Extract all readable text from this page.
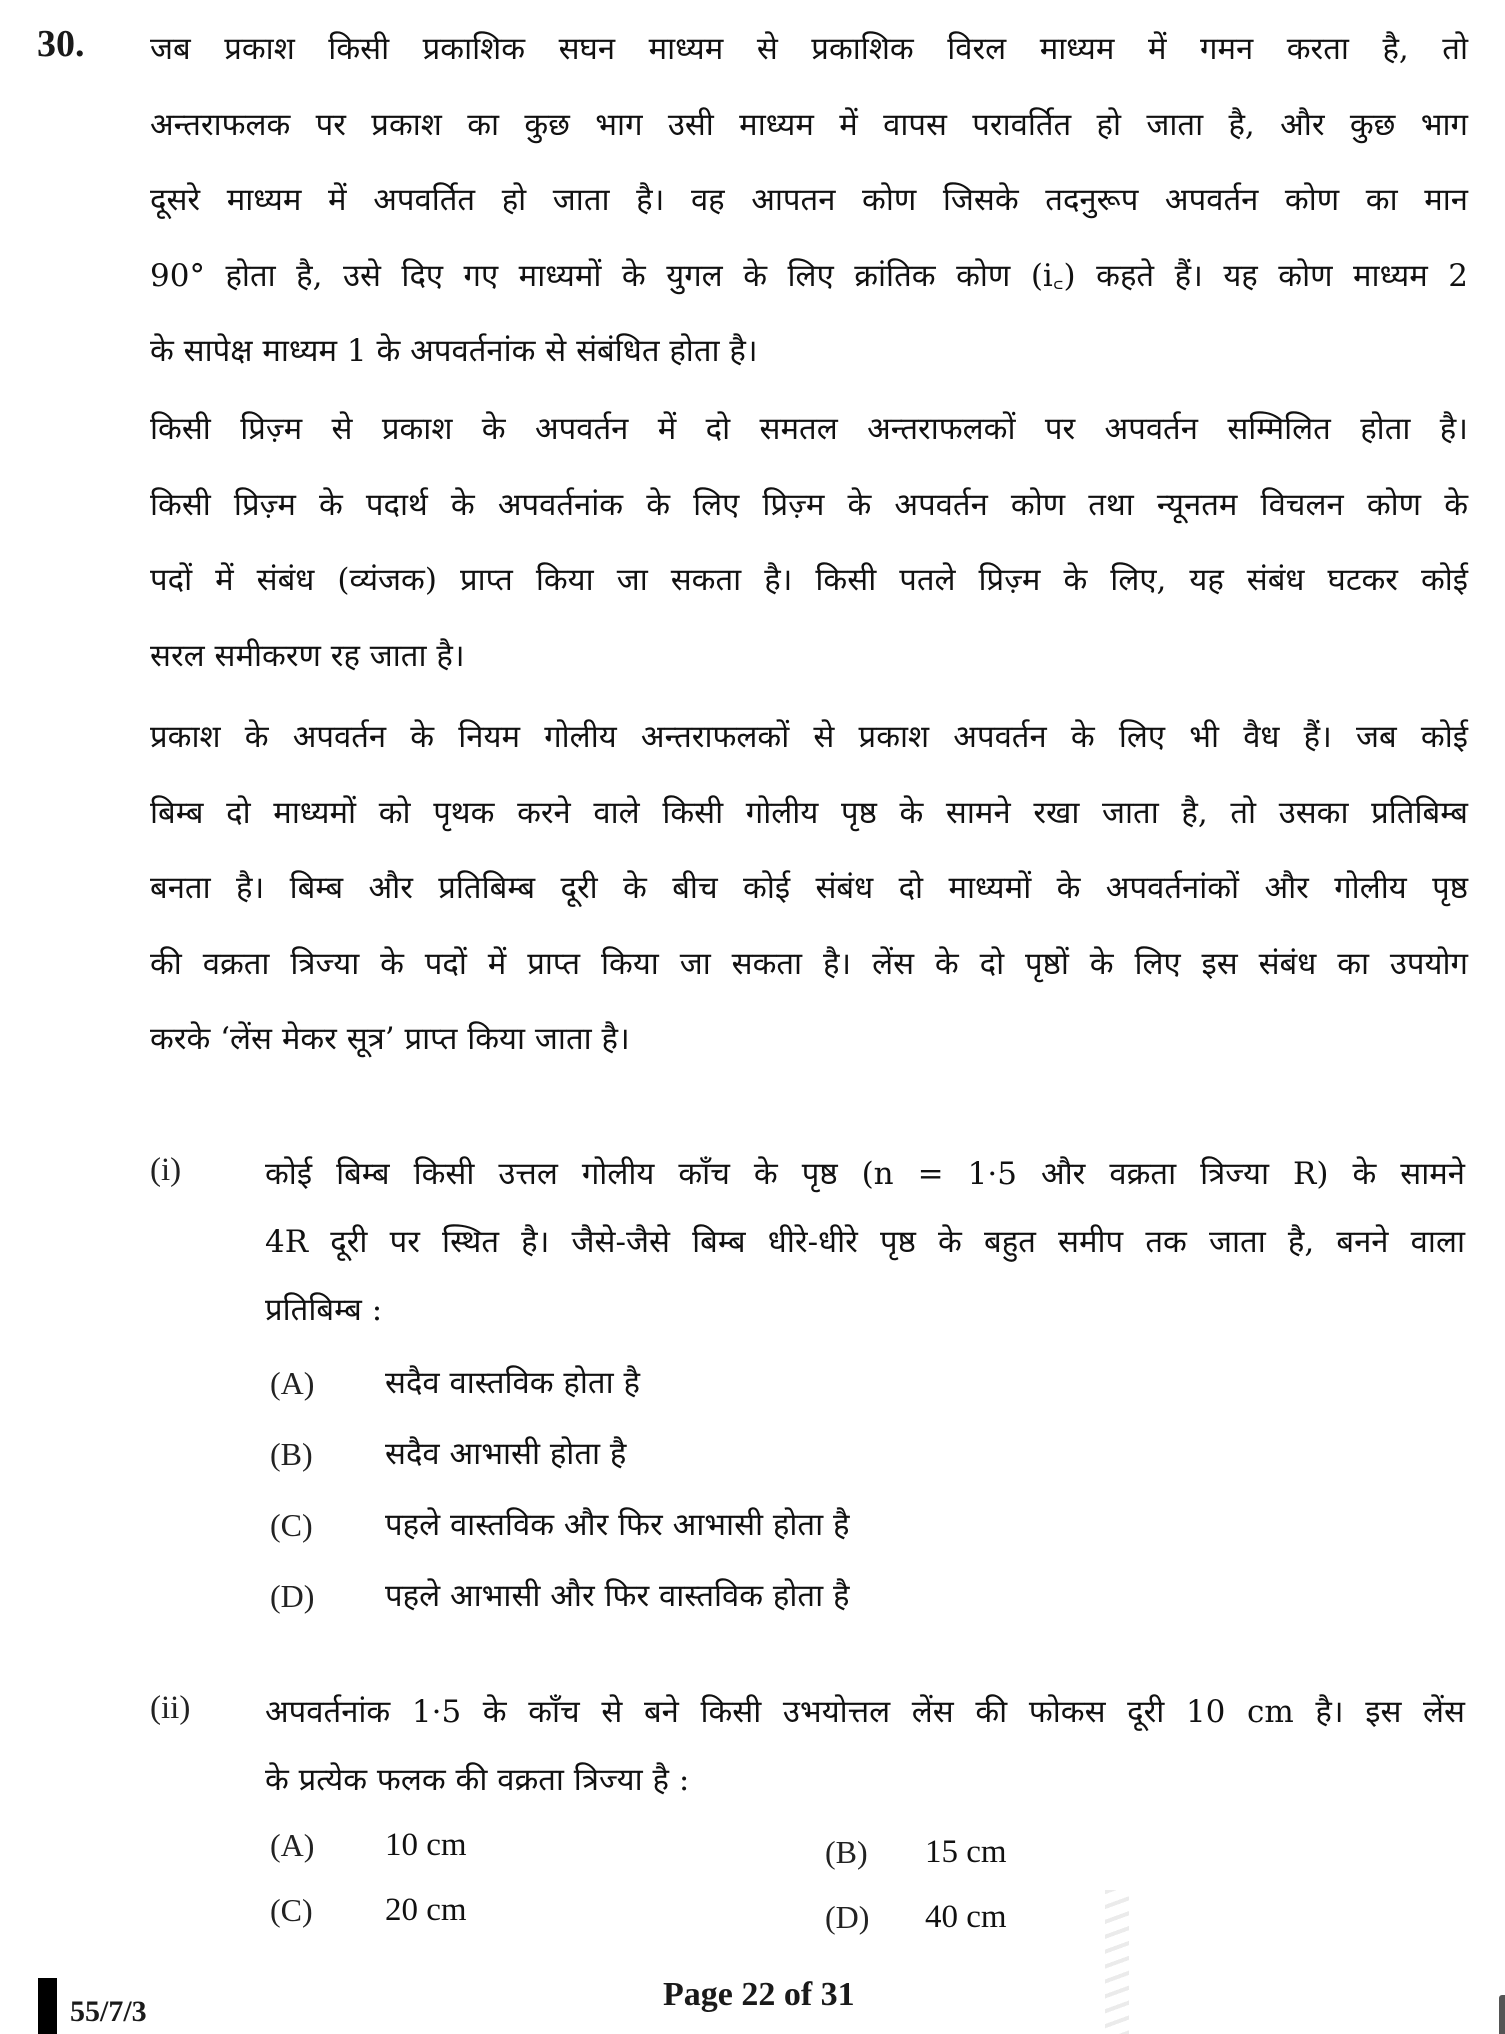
30. जब प्रकाश किसी प्रकाशिक सघन माध्यम से प्रकाशिक विरल माध्यम में गमन करता है, तो
अन्तराफलक पर प्रकाश का कुछ भाग उसी माध्यम में वापस परावर्तित हो जाता है, और कुछ भाग
दूसरे माध्यम में अपवर्तित हो जाता है। वह आपतन कोण जिसके तदनुरूप अपवर्तन कोण का मान
90° होता है, उसे दिए गए माध्यमों के युगल के लिए क्रांतिक कोण (i꜀) कहते हैं। यह कोण माध्यम 2
के सापेक्ष माध्यम 1 के अपवर्तनांक से संबंधित होता है।
किसी प्रिज़्म से प्रकाश के अपवर्तन में दो समतल अन्तराफलकों पर अपवर्तन सम्मिलित होता है।
किसी प्रिज़्म के पदार्थ के अपवर्तनांक के लिए प्रिज़्म के अपवर्तन कोण तथा न्यूनतम विचलन कोण के
पदों में संबंध (व्यंजक) प्राप्त किया जा सकता है। किसी पतले प्रिज़्म के लिए, यह संबंध घटकर कोई
सरल समीकरण रह जाता है।
प्रकाश के अपवर्तन के नियम गोलीय अन्तराफलकों से प्रकाश अपवर्तन के लिए भी वैध हैं। जब कोई
बिम्ब दो माध्यमों को पृथक करने वाले किसी गोलीय पृष्ठ के सामने रखा जाता है, तो उसका प्रतिबिम्ब
बनता है। बिम्ब और प्रतिबिम्ब दूरी के बीच कोई संबंध दो माध्यमों के अपवर्तनांकों और गोलीय पृष्ठ
की वक्रता त्रिज्या के पदों में प्राप्त किया जा सकता है। लेंस के दो पृष्ठों के लिए इस संबंध का उपयोग
करके ‘लेंस मेकर सूत्र’ प्राप्त किया जाता है।
(i)	कोई बिम्ब किसी उत्तल गोलीय काँच के पृष्ठ (n = 1·5 और वक्रता त्रिज्या R) के सामने
4R दूरी पर स्थित है। जैसे-जैसे बिम्ब धीरे-धीरे पृष्ठ के बहुत समीप तक जाता है, बनने वाला
प्रतिबिम्ब :
(A) सदैव वास्तविक होता है
(B) सदैव आभासी होता है
(C) पहले वास्तविक और फिर आभासी होता है
(D) पहले आभासी और फिर वास्तविक होता है
(ii) अपवर्तनांक 1·5 के काँच से बने किसी उभयोत्तल लेंस की फोकस दूरी 10 cm है। इस लेंस
के प्रत्येक फलक की वक्रता त्रिज्या है :
(A) 10 cm	(B) 15 cm
(C) 20 cm	(D) 40 cm
55/7/3	Page 22 of 31
